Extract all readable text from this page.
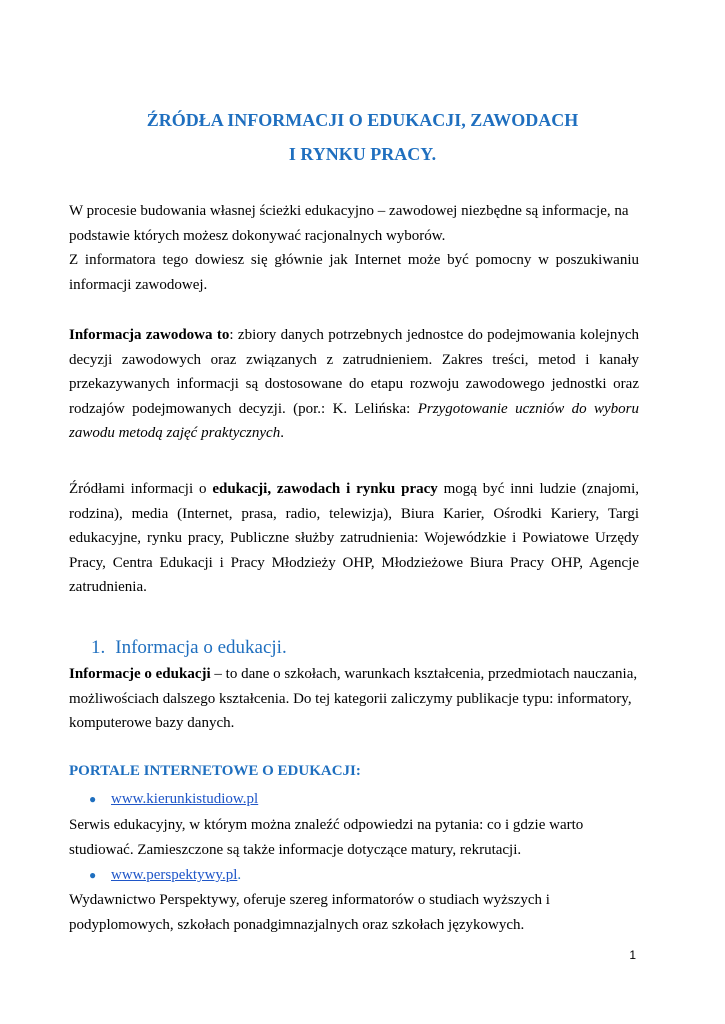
ŹRÓDŁA INFORMACJI O EDUKACJI, ZAWODACH
I RYNKU PRACY.
W procesie budowania własnej ścieżki edukacyjno – zawodowej niezbędne są informacje, na
podstawie których możesz dokonywać racjonalnych wyborów.
Z informatora tego dowiesz się głównie jak Internet może być pomocny w poszukiwaniu
informacji zawodowej.
Informacja zawodowa to: zbiory danych potrzebnych jednostce do podejmowania kolejnych
decyzji zawodowych oraz związanych z zatrudnieniem. Zakres treści, metod i kanały
przekazywanych informacji są dostosowane do etapu rozwoju zawodowego jednostki oraz
rodzajów podejmowanych decyzji. (por.: K. Lelińska: Przygotowanie uczniów do wyboru
zawodu metodą zajęć praktycznych.
Źródłami informacji o edukacji, zawodach i rynku pracy mogą być inni ludzie (znajomi,
rodzina), media (Internet, prasa, radio, telewizja), Biura Karier, Ośrodki Kariery, Targi
edukacyjne, rynku pracy, Publiczne służby zatrudnienia: Wojewódzkie i Powiatowe Urzędy
Pracy, Centra Edukacji i Pracy Młodzieży OHP, Młodzieżowe Biura Pracy OHP, Agencje
zatrudnienia.
1. Informacja o edukacji.
Informacje o edukacji – to dane o szkołach, warunkach kształcenia, przedmiotach nauczania,
możliwościach dalszego kształcenia. Do tej kategorii zaliczymy publikacje typu: informatory,
komputerowe bazy danych.
PORTALE INTERNETOWE O EDUKACJI:
● www.kierunkistudiow.pl
Serwis edukacyjny, w którym można znaleźć odpowiedzi na pytania: co i gdzie warto
studiować. Zamieszczone są także informacje dotyczące matury, rekrutacji.
● www.perspektywy.pl.
Wydawnictwo Perspektywy, oferuje szereg informatorów o studiach wyższych i
podyplomowych, szkołach ponadgimnazjalnych oraz szkołach językowych.
1
